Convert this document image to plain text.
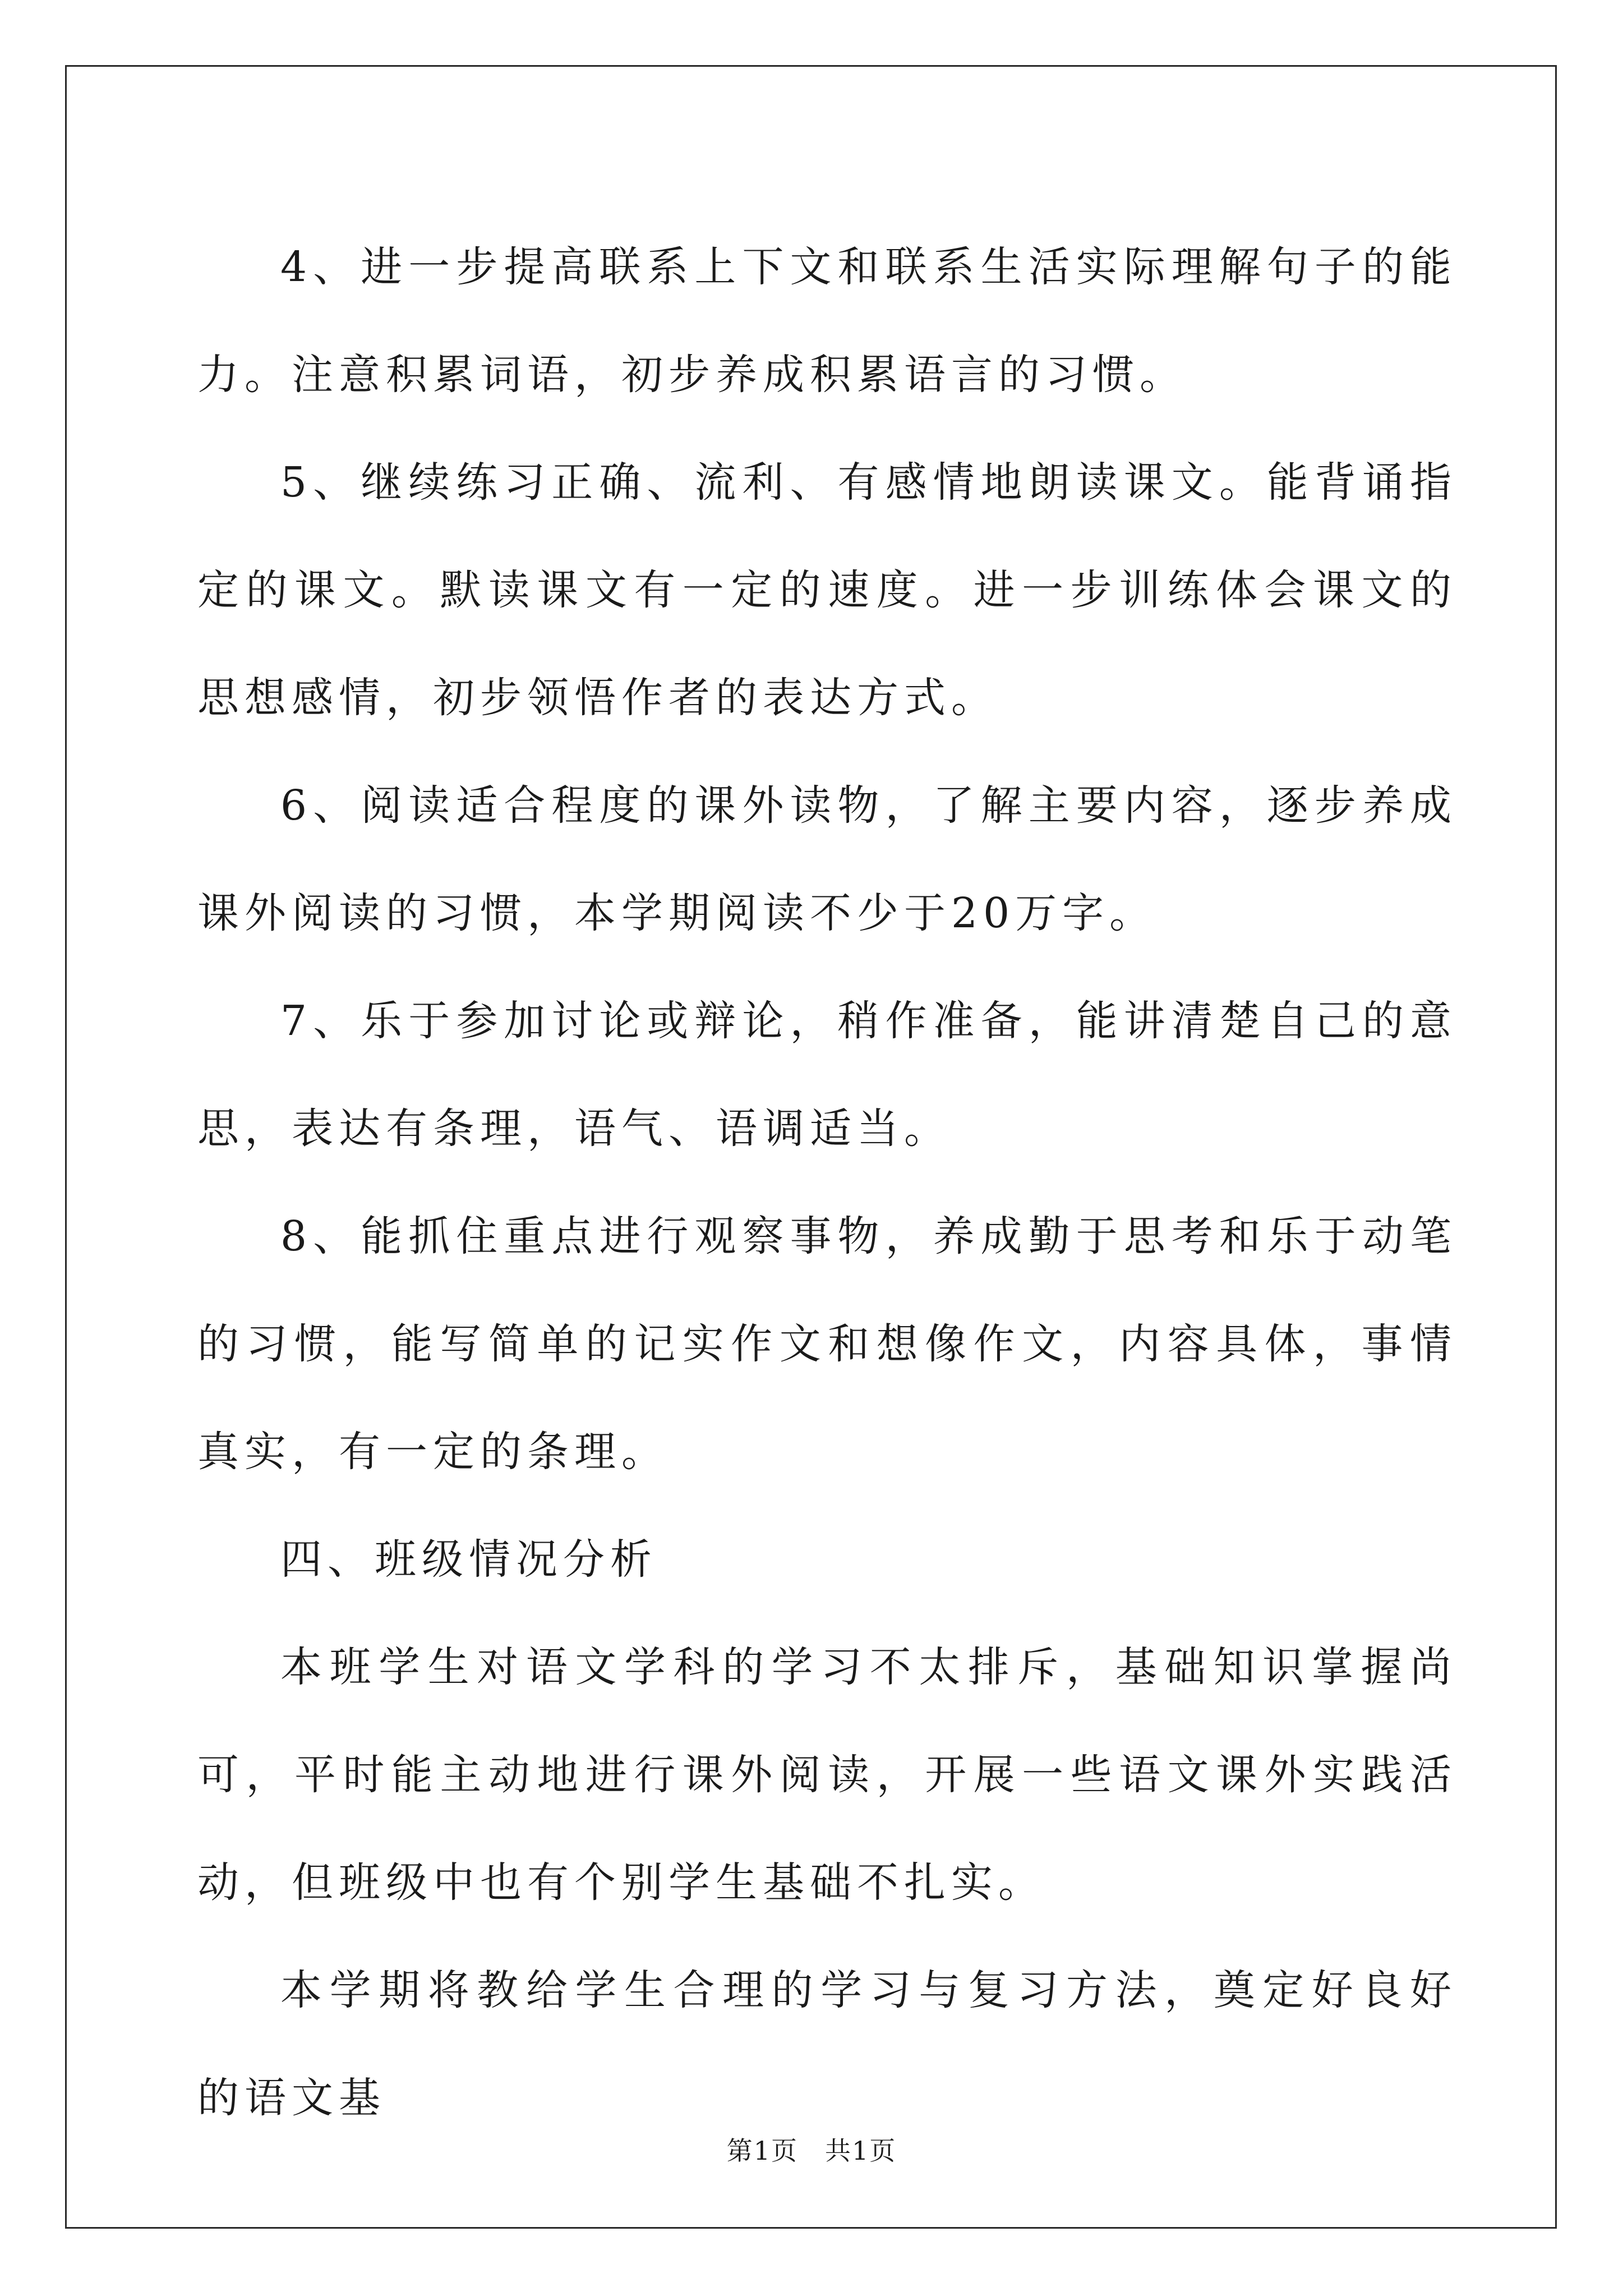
4、进一步提高联系上下文和联系生活实际理解句子的能力。注意积累词语，初步养成积累语言的习惯。

5、继续练习正确、流利、有感情地朗读课文。能背诵指定的课文。默读课文有一定的速度。进一步训练体会课文的思想感情，初步领悟作者的表达方式。

6、阅读适合程度的课外读物，了解主要内容，逐步养成课外阅读的习惯，本学期阅读不少于20万字。

7、乐于参加讨论或辩论，稍作准备，能讲清楚自己的意思，表达有条理，语气、语调适当。

8、能抓住重点进行观察事物，养成勤于思考和乐于动笔的习惯，能写简单的记实作文和想像作文，内容具体，事情真实，有一定的条理。

四、班级情况分析

本班学生对语文学科的学习不太排斥，基础知识掌握尚可，平时能主动地进行课外阅读，开展一些语文课外实践活动，但班级中也有个别学生基础不扎实。

本学期将教给学生合理的学习与复习方法，奠定好良好的语文基

第1页　共1页
